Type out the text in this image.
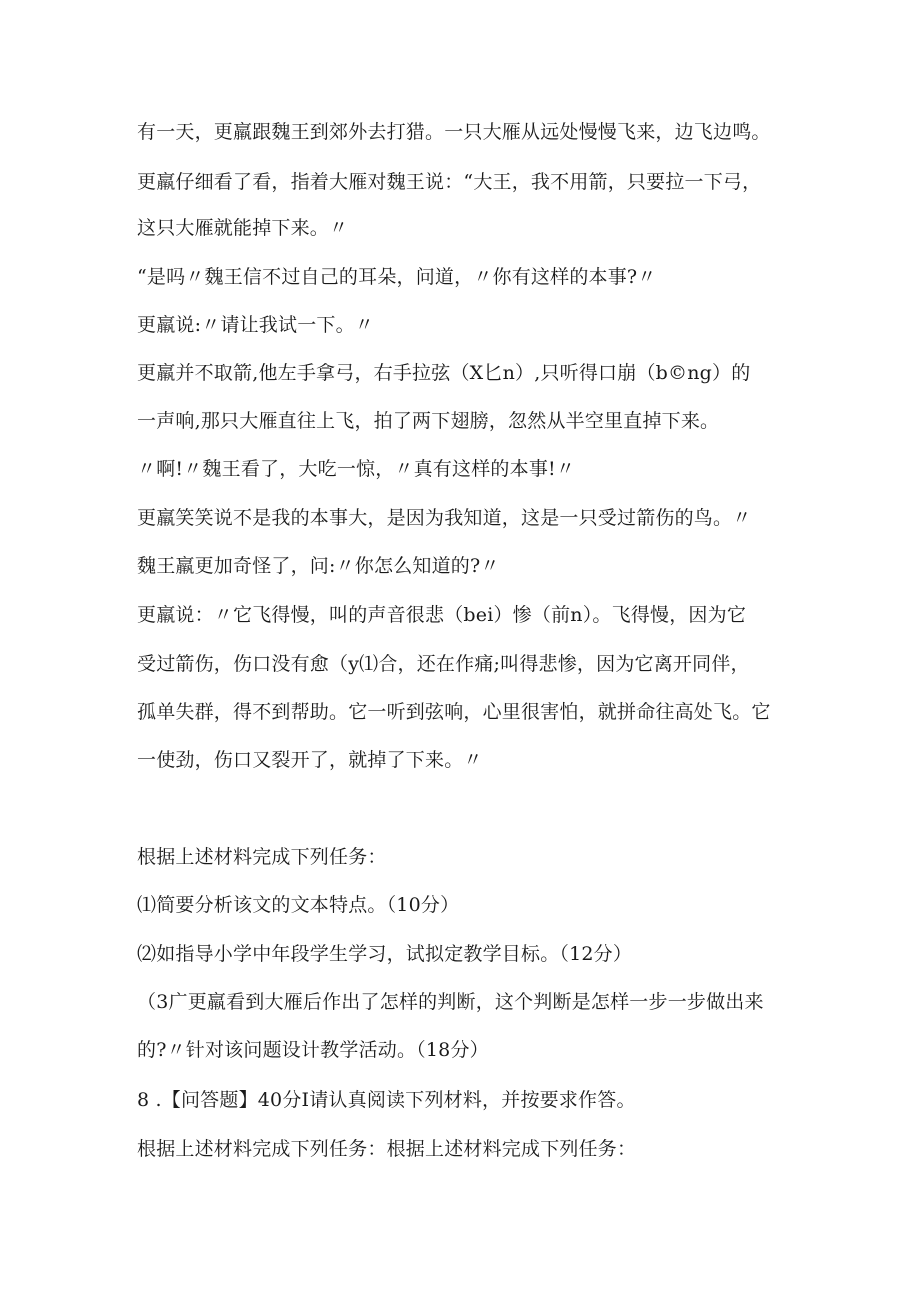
有一天，更羸跟魏王到郊外去打猎。一只大雁从远处慢慢飞来，边飞边鸣。
更羸仔细看了看，指着大雁对魏王说：“大王，我不用箭，只要拉一下弓，
这只大雁就能掉下来。〃
“是吗〃魏王信不过自己的耳朵，问道，〃你有这样的本事?〃
更羸说:〃请让我试一下。〃
更羸并不取箭,他左手拿弓，右手拉弦（X匕n）,只听得口崩（b©ng）的
一声响,那只大雁直往上飞，拍了两下翅膀，忽然从半空里直掉下来。
〃啊!〃魏王看了，大吃一惊，〃真有这样的本事!〃
更羸笑笑说不是我的本事大，是因为我知道，这是一只受过箭伤的鸟。〃
魏王羸更加奇怪了，问:〃你怎么知道的?〃
更羸说：〃它飞得慢，叫的声音很悲（bei）惨（前n）。飞得慢，因为它
受过箭伤，伤口没有愈（y⑴合，还在作痛;叫得悲惨，因为它离开同伴，
孤单失群，得不到帮助。它一听到弦响，心里很害怕，就拼命往高处飞。它
一使劲，伤口又裂开了，就掉了下来。〃
根据上述材料完成下列任务：
⑴简要分析该文的文本特点。（10分）
⑵如指导小学中年段学生学习，试拟定教学目标。（12分）
（3广更羸看到大雁后作出了怎样的判断，这个判断是怎样一步一步做出来
的?〃针对该问题设计教学活动。（18分）
8 .【问答题】40分I请认真阅读下列材料，并按要求作答。
根据上述材料完成下列任务：根据上述材料完成下列任务：
